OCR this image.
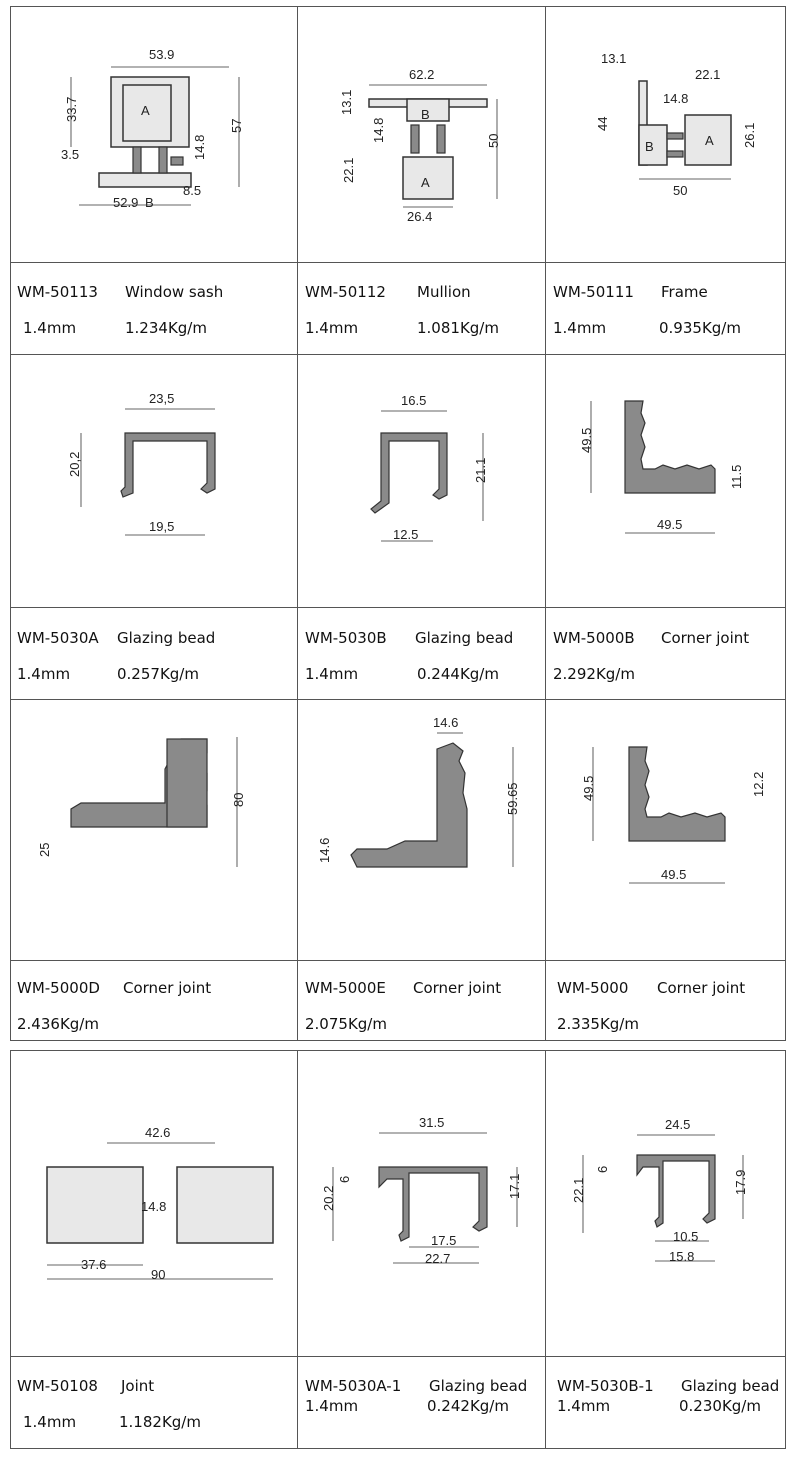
A
B
53.9
33.7
57
3.5	14.8
8.5
52.9
WM-50113 Window sash
1.4mm	1.234Kg/m
B
A
62.2
13.1
14.8
22.1
50
26.4
WM-50112 Mullion
1.4mm	1.081Kg/m
B	A
13.1
22.1
44
14.8
26.1
50
WM-50111 Frame
1.4mm	0.935Kg/m
23,5
20,2
19,5
WM-5030A Glazing bead
1.4mm	0.257Kg/m
16.5
21.1
12.5
WM-5030B Glazing bead
1.4mm	0.244Kg/m
49.5
11.5
49.5
WM-5000B Corner joint
2.292Kg/m
80
25
WM-5000D Corner joint
2.436Kg/m
14.6
59.65
14.6
WM-5000E Corner joint
2.075Kg/m
49.5	12.2
49.5
WM-5000 Corner joint
2.335Kg/m
42.6
14.8
37.6
90
WM-50108 Joint
1.4mm	1.182Kg/m
31.5
6
20.2	17.1
17.5
22.7
WM-5030A-1 Glazing bead
1.4mm	0.242Kg/m
24.5
6
22.1	17.9
10.5
15.8
WM-5030B-1 Glazing bead
1.4mm	0.230Kg/m
